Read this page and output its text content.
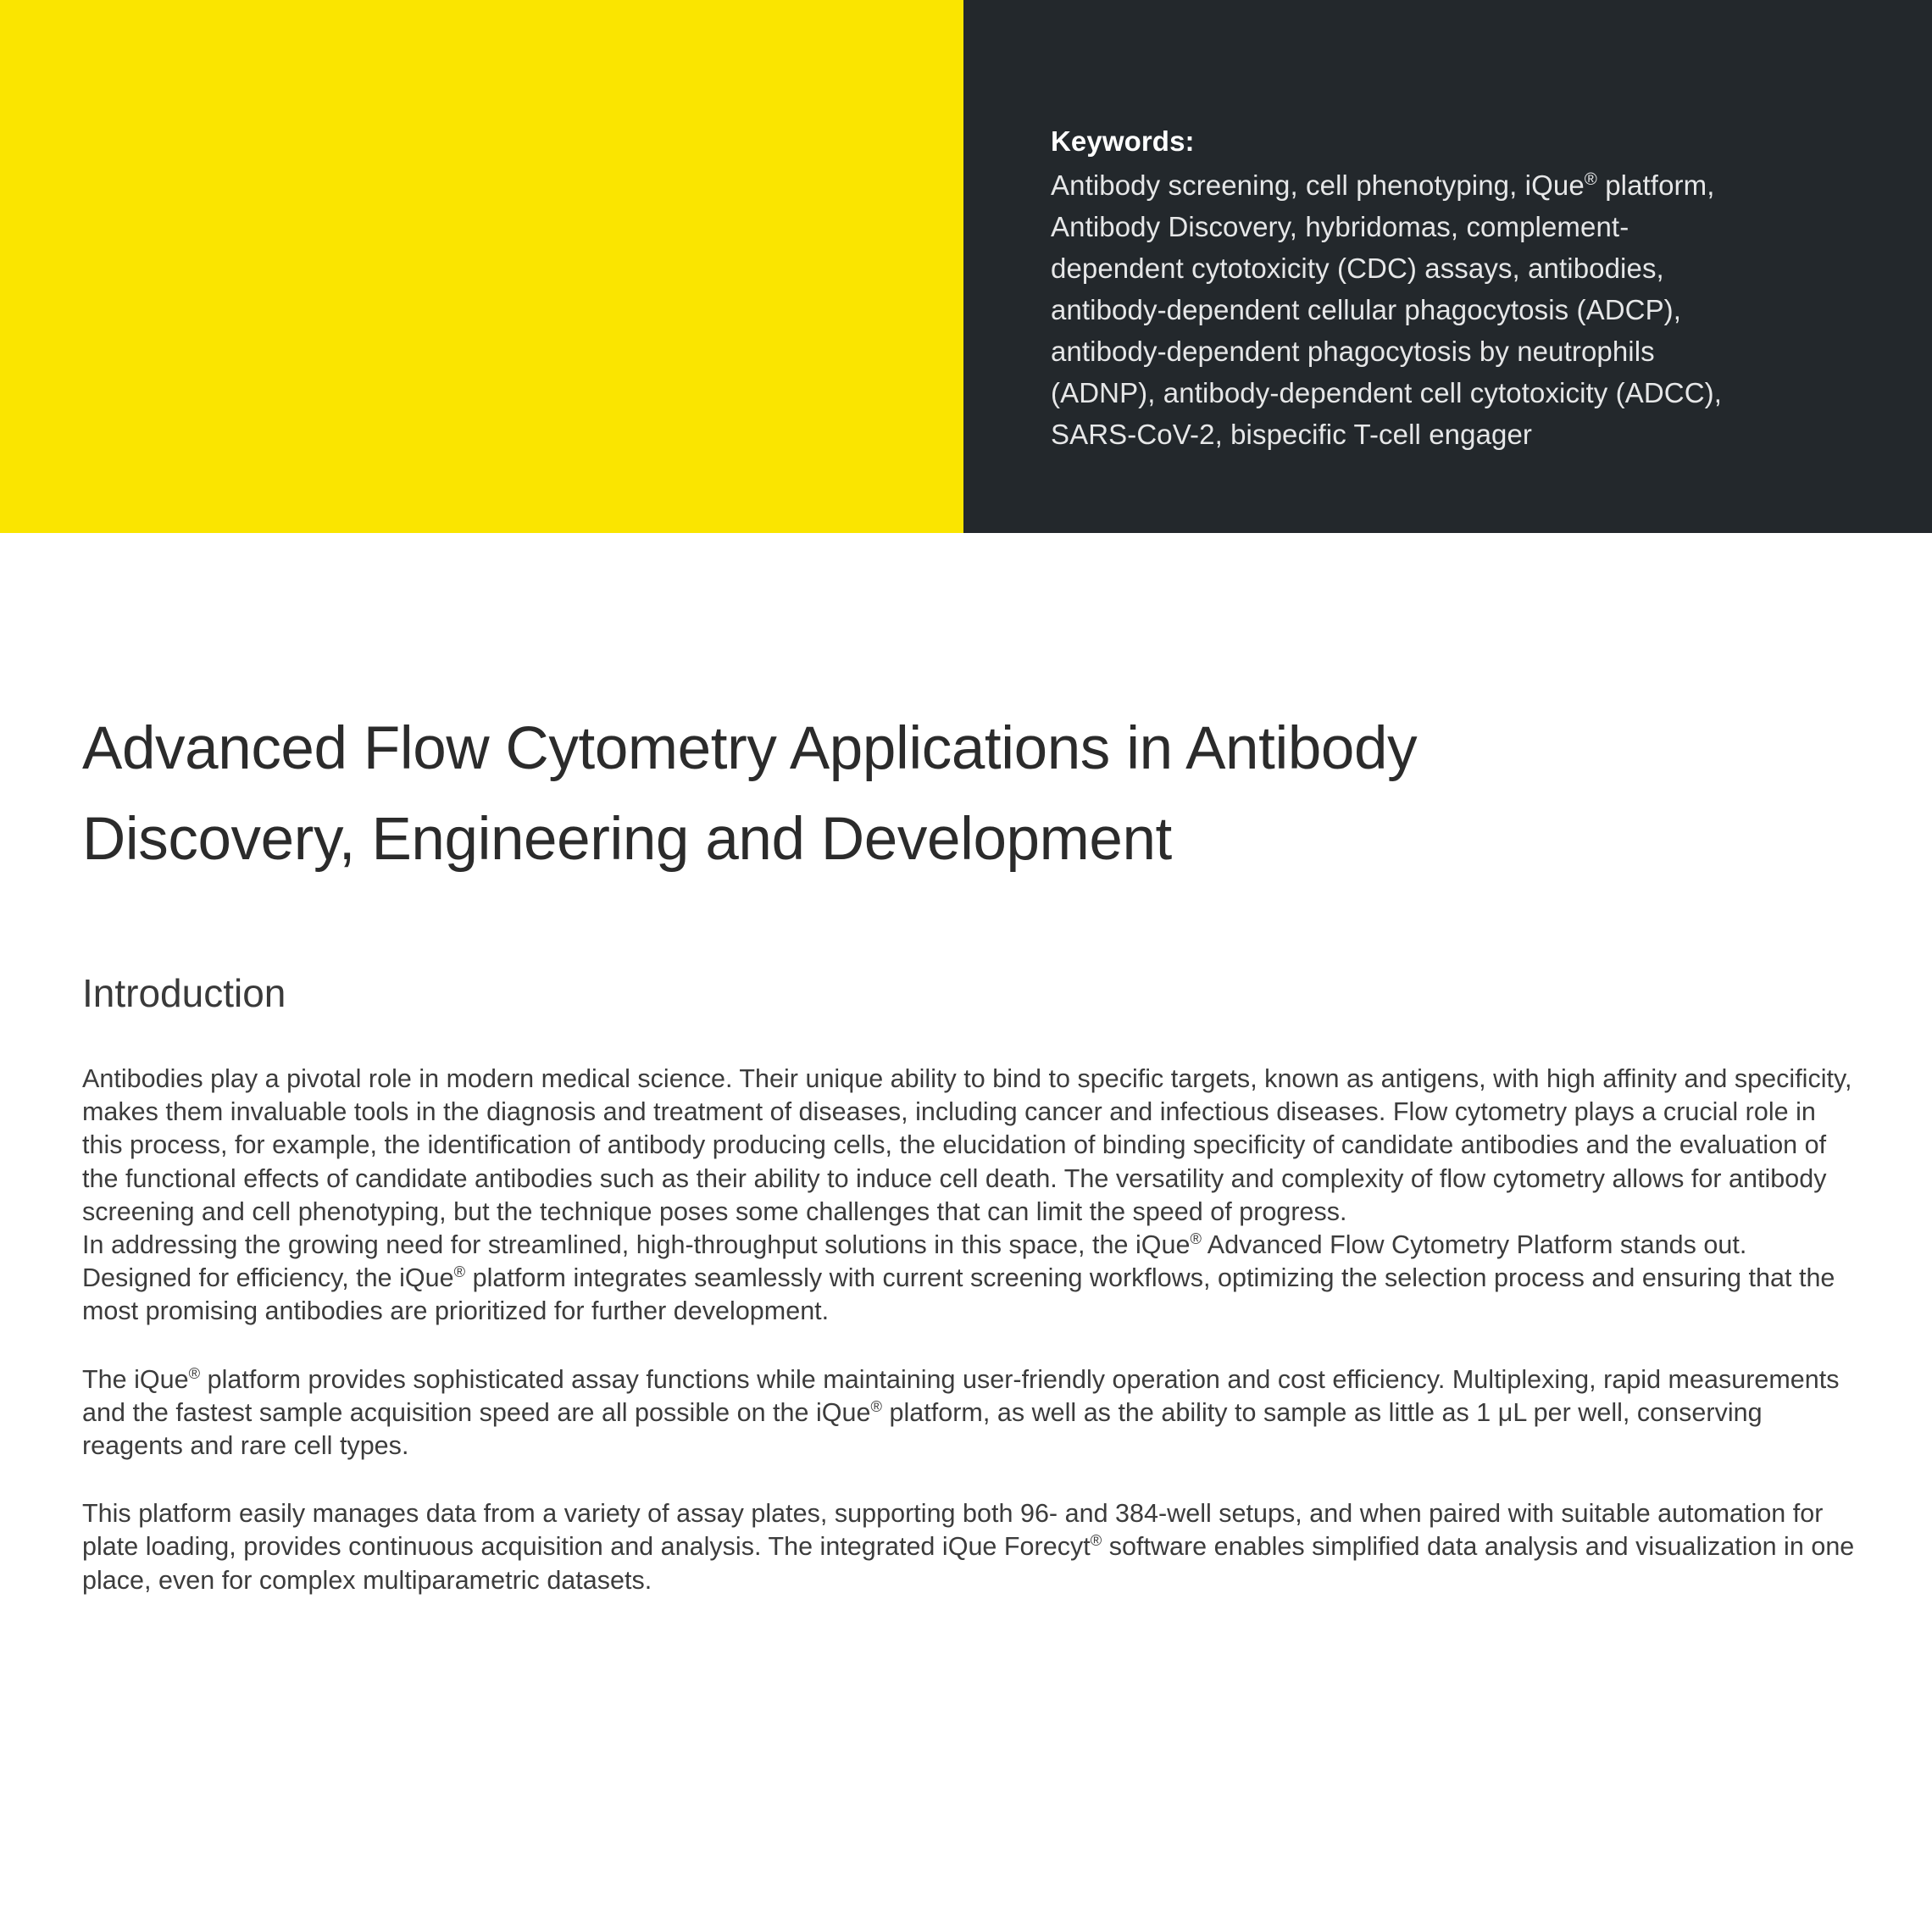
Keywords:
Antibody screening, cell phenotyping, iQue® platform,
Antibody Discovery, hybridomas, complement-
dependent cytotoxicity (CDC) assays, antibodies,
antibody-dependent cellular phagocytosis (ADCP),
antibody-dependent phagocytosis by neutrophils
(ADNP), antibody-dependent cell cytotoxicity (ADCC),
SARS-CoV-2, bispecific T-cell engager
Advanced Flow Cytometry Applications in Antibody Discovery, Engineering and Development
Introduction

Antibodies play a pivotal role in modern medical science. Their unique ability to bind to specific targets, known as antigens, with high affinity and specificity, makes them invaluable tools in the diagnosis and treatment of diseases, including cancer and infectious diseases. Flow cytometry plays a crucial role in this process, for example, the identification of antibody producing cells, the elucidation of binding specificity of candidate antibodies and the evaluation of the functional effects of candidate antibodies such as their ability to induce cell death. The versatility and complexity of flow cytometry allows for antibody screening and cell phenotyping, but the technique poses some challenges that can limit the speed of progress.

In addressing the growing need for streamlined, high-throughput solutions in this space, the iQue® Advanced Flow Cytometry Platform stands out. Designed for efficiency, the iQue® platform integrates seamlessly with current screening workflows, optimizing the selection process and ensuring that the most promising antibodies are prioritized for further development.

The iQue® platform provides sophisticated assay functions while maintaining user-friendly operation and cost efficiency. Multiplexing, rapid measurements and the fastest sample acquisition speed are all possible on the iQue® platform, as well as the ability to sample as little as 1 μL per well, conserving reagents and rare cell types.

This platform easily manages data from a variety of assay plates, supporting both 96- and 384-well setups, and when paired with suitable automation for plate loading, provides continuous acquisition and analysis. The integrated iQue Forecyt® software enables simplified data analysis and visualization in one place, even for complex multiparametric datasets.
